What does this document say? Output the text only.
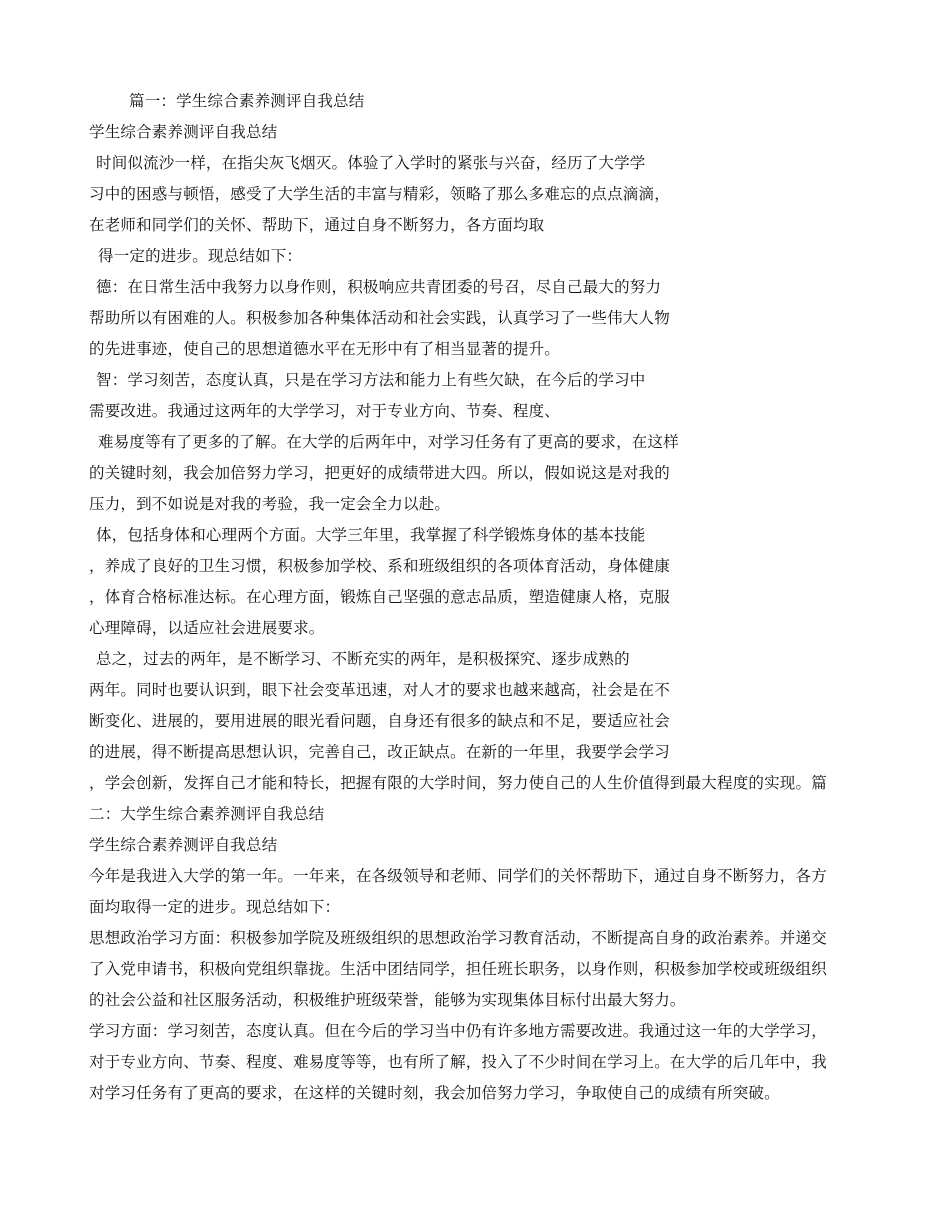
篇一：学生综合素养测评自我总结
学生综合素养测评自我总结
时间似流沙一样，在指尖灰飞烟灭。体验了入学时的紧张与兴奋，经历了大学学
习中的困惑与顿悟，感受了大学生活的丰富与精彩，领略了那么多难忘的点点滴滴，
在老师和同学们的关怀、帮助下，通过自身不断努力，各方面均取
得一定的进步。现总结如下：
德：在日常生活中我努力以身作则，积极响应共青团委的号召，尽自己最大的努力
帮助所以有困难的人。积极参加各种集体活动和社会实践，认真学习了一些伟大人物
的先进事迹，使自己的思想道德水平在无形中有了相当显著的提升。
智：学习刻苦，态度认真，只是在学习方法和能力上有些欠缺，在今后的学习中
需要改进。我通过这两年的大学学习，对于专业方向、节奏、程度、
难易度等有了更多的了解。在大学的后两年中，对学习任务有了更高的要求，在这样
的关键时刻，我会加倍努力学习，把更好的成绩带进大四。所以，假如说这是对我的
压力，到不如说是对我的考验，我一定会全力以赴。
体，包括身体和心理两个方面。大学三年里，我掌握了科学锻炼身体的基本技能
，养成了良好的卫生习惯，积极参加学校、系和班级组织的各项体育活动，身体健康
，体育合格标准达标。在心理方面，锻炼自己坚强的意志品质，塑造健康人格，克服
心理障碍，以适应社会进展要求。
总之，过去的两年，是不断学习、不断充实的两年，是积极探究、逐步成熟的
两年。同时也要认识到，眼下社会变革迅速，对人才的要求也越来越高，社会是在不
断变化、进展的，要用进展的眼光看问题，自身还有很多的缺点和不足，要适应社会
的进展，得不断提高思想认识，完善自己，改正缺点。在新的一年里，我要学会学习
，学会创新，发挥自己才能和特长，把握有限的大学时间，努力使自己的人生价值得到最大程度的实现。篇
二：大学生综合素养测评自我总结
学生综合素养测评自我总结
今年是我进入大学的第一年。一年来，在各级领导和老师、同学们的关怀帮助下，通过自身不断努力，各方
面均取得一定的进步。现总结如下：
思想政治学习方面：积极参加学院及班级组织的思想政治学习教育活动，不断提高自身的政治素养。并递交
了入党申请书，积极向党组织靠拢。生活中团结同学，担任班长职务，以身作则，积极参加学校或班级组织
的社会公益和社区服务活动，积极维护班级荣誉，能够为实现集体目标付出最大努力。
学习方面：学习刻苦，态度认真。但在今后的学习当中仍有许多地方需要改进。我通过这一年的大学学习，
对于专业方向、节奏、程度、难易度等等，也有所了解，投入了不少时间在学习上。在大学的后几年中，我
对学习任务有了更高的要求，在这样的关键时刻，我会加倍努力学习，争取使自己的成绩有所突破。
